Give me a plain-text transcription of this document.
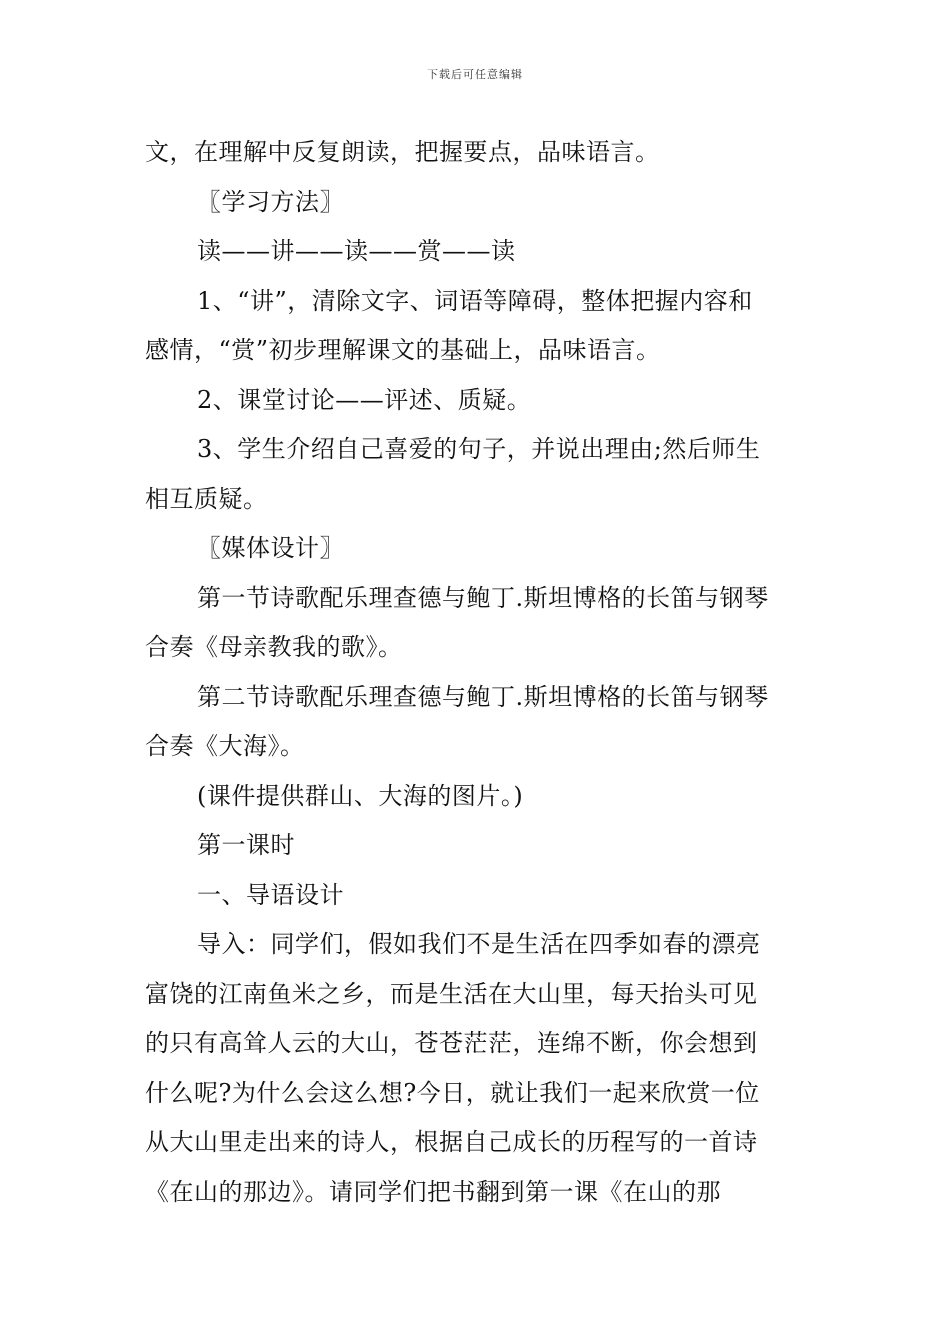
下载后可任意编辑
文，在理解中反复朗读，把握要点，品味语言。
〖学习方法〗
读——讲——读——赏——读
1、“讲”，清除文字、词语等障碍，整体把握内容和
感情，“赏”初步理解课文的基础上，品味语言。
2、课堂讨论——评述、质疑。
3、学生介绍自己喜爱的句子，并说出理由;然后师生
相互质疑。
〖媒体设计〗
第一节诗歌配乐理查德与鲍丁.斯坦博格的长笛与钢琴
合奏《母亲教我的歌》。
第二节诗歌配乐理查德与鲍丁.斯坦博格的长笛与钢琴
合奏《大海》。
(课件提供群山、大海的图片。)
第一课时
一、导语设计
导入：同学们，假如我们不是生活在四季如春的漂亮
富饶的江南鱼米之乡，而是生活在大山里，每天抬头可见
的只有高耸人云的大山，苍苍茫茫，连绵不断，你会想到
什么呢?为什么会这么想?今日，就让我们一起来欣赏一位
从大山里走出来的诗人，根据自己成长的历程写的一首诗
《在山的那边》。请同学们把书翻到第一课《在山的那
